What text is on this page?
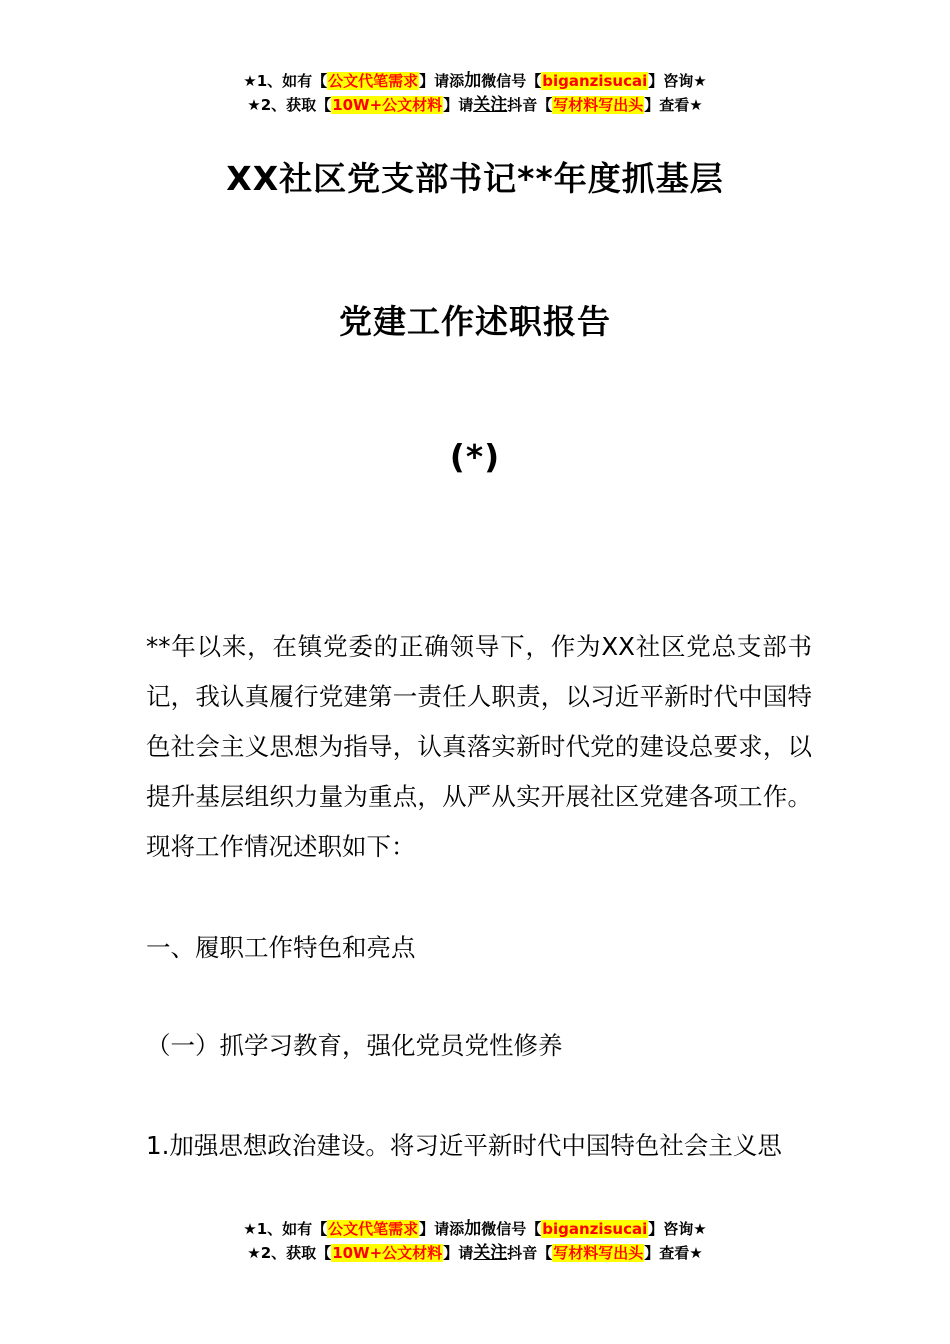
★1、如有【公文代笔需求】请添加微信号【biganzisucai】咨询★
★2、获取【10W+公文材料】请关注抖音【写材料写出头】查看★
XX社区党支部书记**年度抓基层
党建工作述职报告
(*)

**年以来，在镇党委的正确领导下，作为XX社区党总支部书记，我认真履行党建第一责任人职责，以习近平新时代中国特色社会主义思想为指导，认真落实新时代党的建设总要求，以提升基层组织力量为重点，从严从实开展社区党建各项工作。现将工作情况述职如下：

一、履职工作特色和亮点

（一）抓学习教育，强化党员党性修养

1.加强思想政治建设。将习近平新时代中国特色社会主义思

★1、如有【公文代笔需求】请添加微信号【biganzisucai】咨询★
★2、获取【10W+公文材料】请关注抖音【写材料写出头】查看★
